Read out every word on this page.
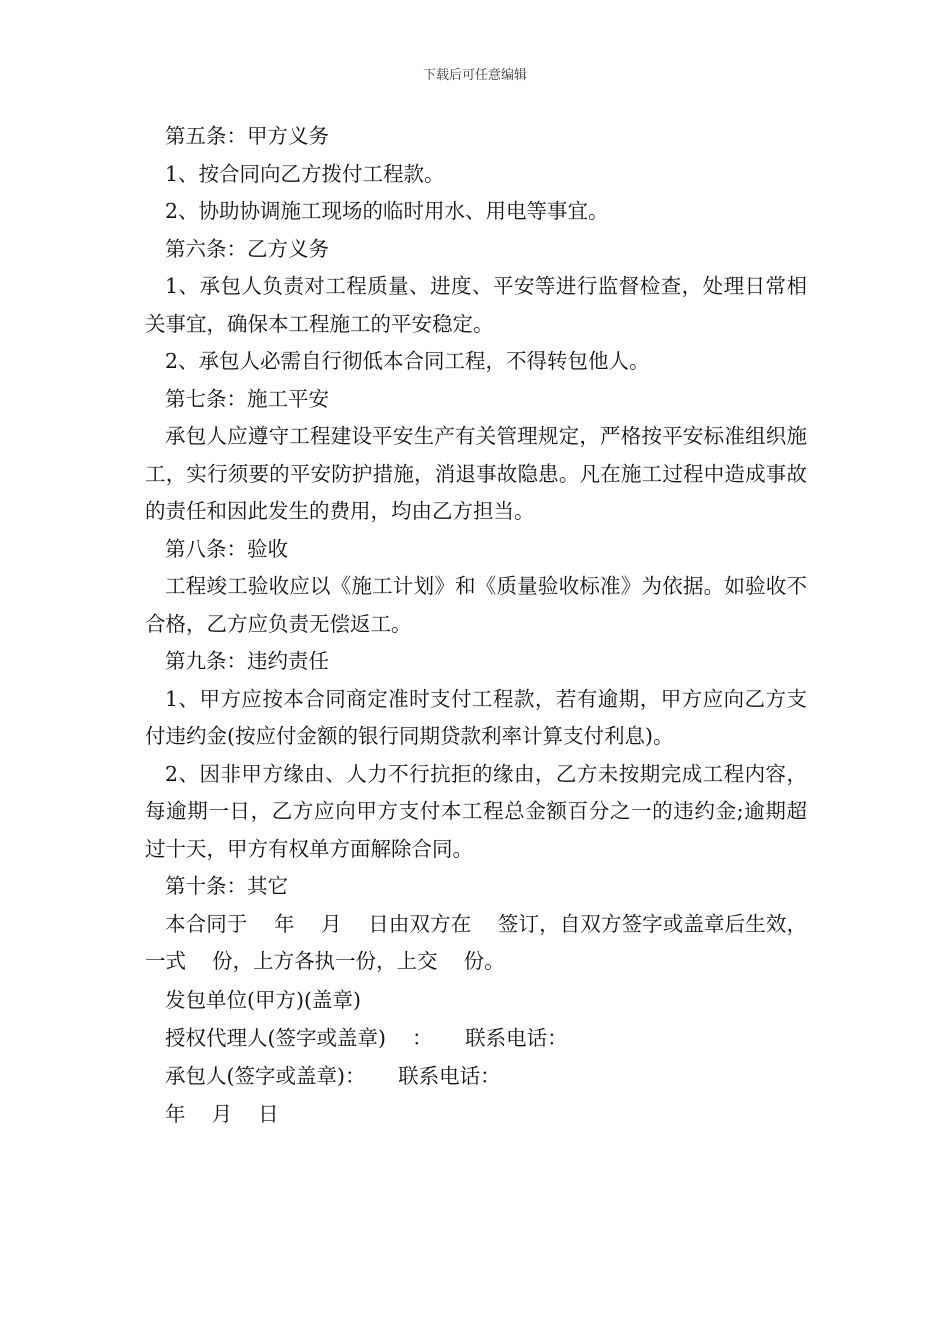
下载后可任意编辑

第五条：甲方义务

1、按合同向乙方拨付工程款。

2、协助协调施工现场的临时用水、用电等事宜。

第六条：乙方义务

1、承包人负责对工程质量、进度、平安等进行监督检查，处理日常相关事宜，确保本工程施工的平安稳定。

2、承包人必需自行彻低本合同工程，不得转包他人。

第七条：施工平安

承包人应遵守工程建设平安生产有关管理规定，严格按平安标准组织施工，实行须要的平安防护措施，消退事故隐患。凡在施工过程中造成事故的责任和因此发生的费用，均由乙方担当。

第八条：验收

工程竣工验收应以《施工计划》和《质量验收标准》为依据。如验收不合格，乙方应负责无偿返工。

第九条：违约责任

1、甲方应按本合同商定准时支付工程款，若有逾期，甲方应向乙方支付违约金(按应付金额的银行同期贷款利率计算支付利息)。

2、因非甲方缘由、人力不行抗拒的缘由，乙方未按期完成工程内容，每逾期一日，乙方应向甲方支付本工程总金额百分之一的违约金;逾期超过十天，甲方有权单方面解除合同。

第十条：其它

本合同于    年    月    日由双方在    签订，自双方签字或盖章后生效，一式    份，上方各执一份，上交    份。

发包单位(甲方)(盖章)

授权代理人(签字或盖章)    ：     联系电话：

承包人(签字或盖章)：     联系电话：

年    月    日
